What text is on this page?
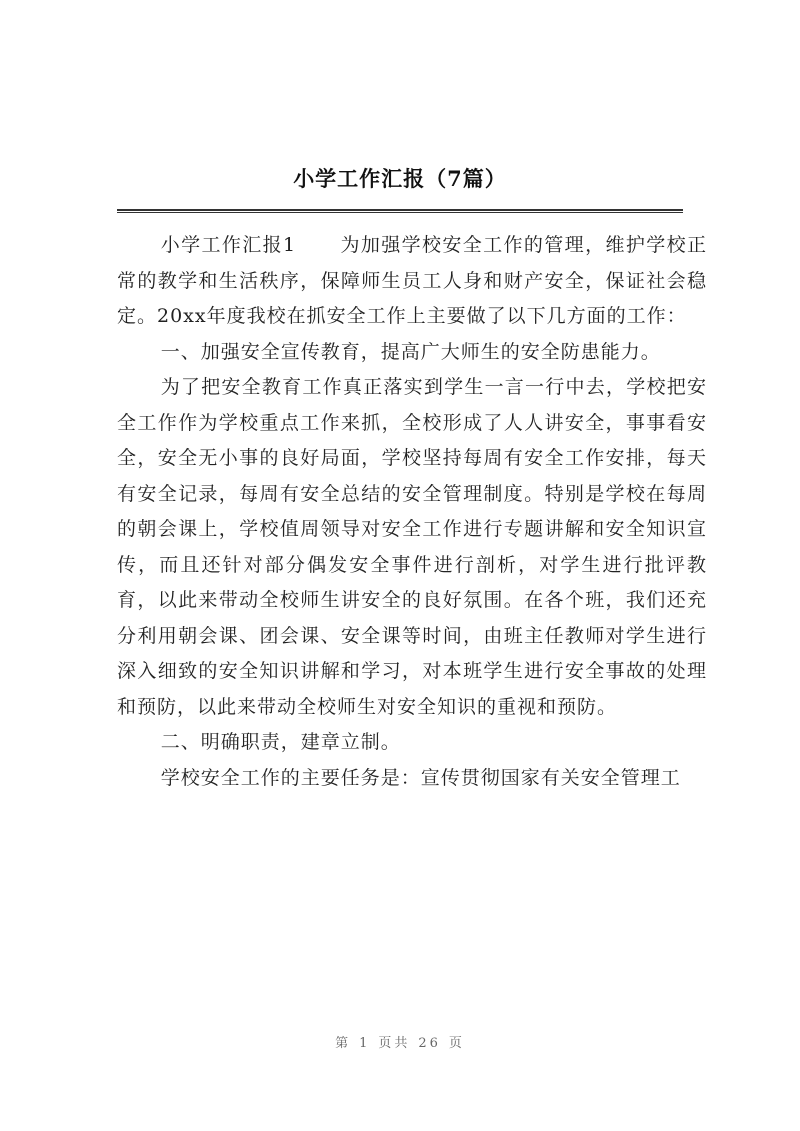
小学工作汇报（7篇）

小学工作汇报1 为加强学校安全工作的管理，维护学校正常的教学和生活秩序，保障师生员工人身和财产安全，保证社会稳定。20xx年度我校在抓安全工作上主要做了以下几方面的工作：

一、加强安全宣传教育，提高广大师生的安全防患能力。

为了把安全教育工作真正落实到学生一言一行中去，学校把安全工作作为学校重点工作来抓，全校形成了人人讲安全，事事看安全，安全无小事的良好局面，学校坚持每周有安全工作安排，每天有安全记录，每周有安全总结的安全管理制度。特别是学校在每周的朝会课上，学校值周领导对安全工作进行专题讲解和安全知识宣传，而且还针对部分偶发安全事件进行剖析，对学生进行批评教育，以此来带动全校师生讲安全的良好氛围。在各个班，我们还充分利用朝会课、团会课、安全课等时间，由班主任教师对学生进行深入细致的安全知识讲解和学习，对本班学生进行安全事故的处理和预防，以此来带动全校师生对安全知识的重视和预防。

二、明确职责，建章立制。

学校安全工作的主要任务是：宣传贯彻国家有关安全管理工

第 1 页共 26 页
